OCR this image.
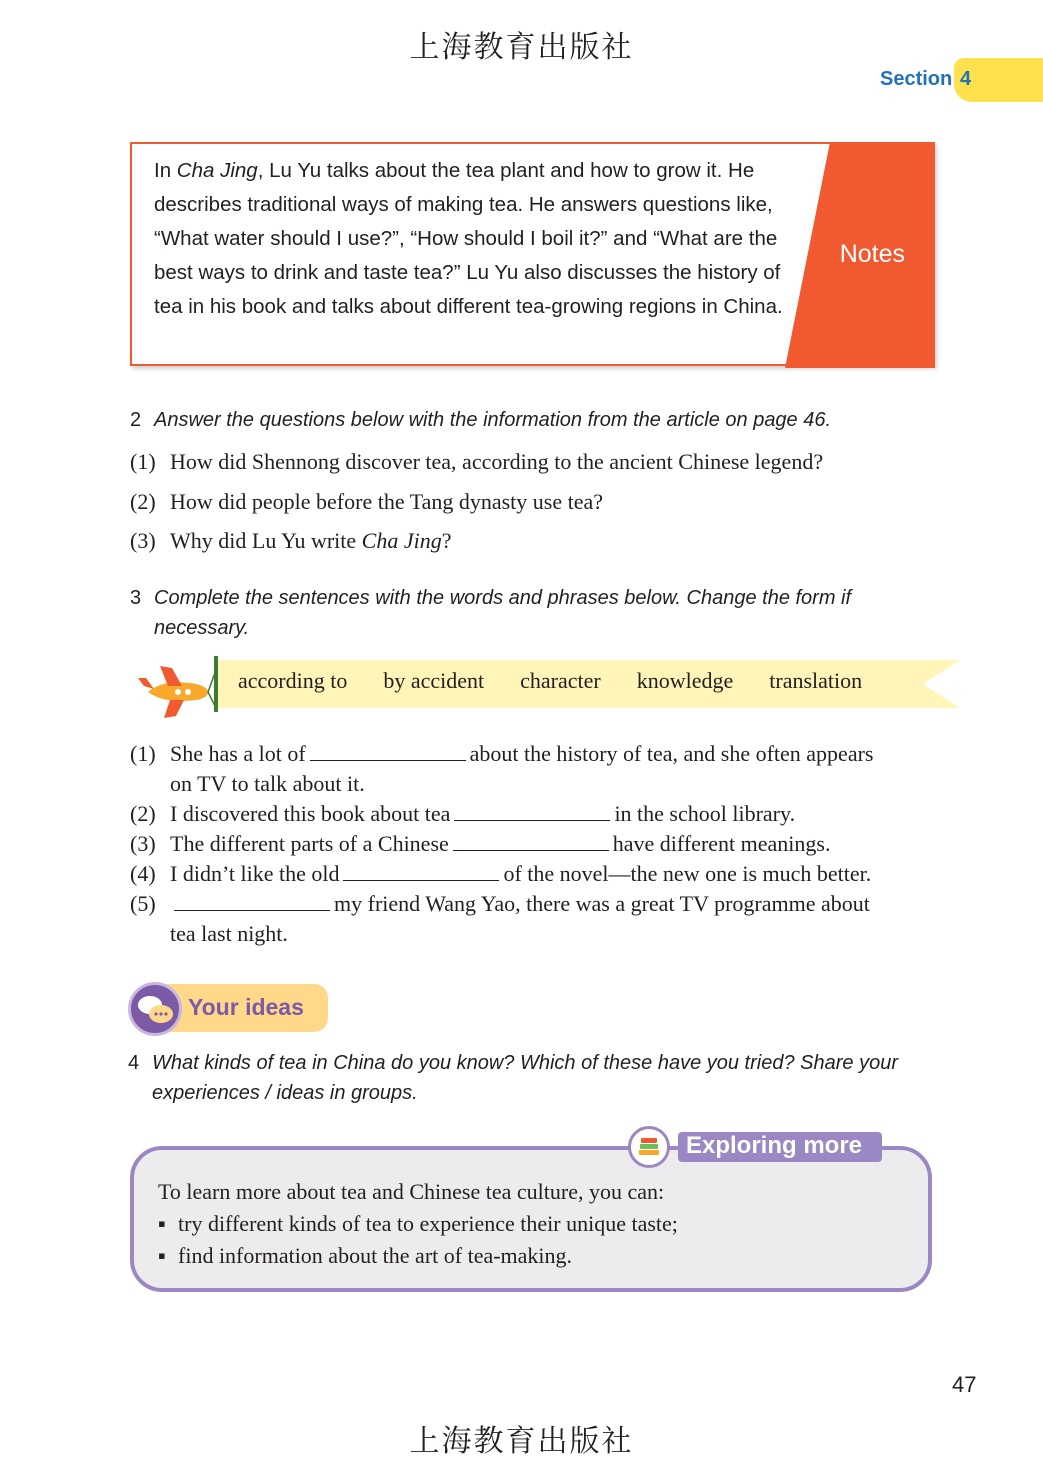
上海教育出版社
Section 4
In Cha Jing, Lu Yu talks about the tea plant and how to grow it. He describes traditional ways of making tea. He answers questions like, “What water should I use?”, “How should I boil it?” and “What are the best ways to drink and taste tea?” Lu Yu also discusses the history of tea in his book and talks about different tea-growing regions in China.
Notes
2 Answer the questions below with the information from the article on page 46.
(1) How did Shennong discover tea, according to the ancient Chinese legend?
(2) How did people before the Tang dynasty use tea?
(3) Why did Lu Yu write Cha Jing?
3 Complete the sentences with the words and phrases below. Change the form if
necessary.
according to by accident character knowledge translation
(1) She has a lot of	about the history of tea, and she often appears
on TV to talk about it.
(2) I discovered this book about tea	in the school library.
(3) The different parts of a Chinese	have different meanings.
(4) I didn’t like the old	of the novel—the new one is much better.
(5)	my friend Wang Yao, there was a great TV programme about
tea last night.
Your ideas
4 What kinds of tea in China do you know? Which of these have you tried? Share your
experiences / ideas in groups.
To learn more about tea and Chinese tea culture, you can:
▪ try different kinds of tea to experience their unique taste;
▪ find information about the art of tea-making.
Exploring more
47
上海教育出版社
